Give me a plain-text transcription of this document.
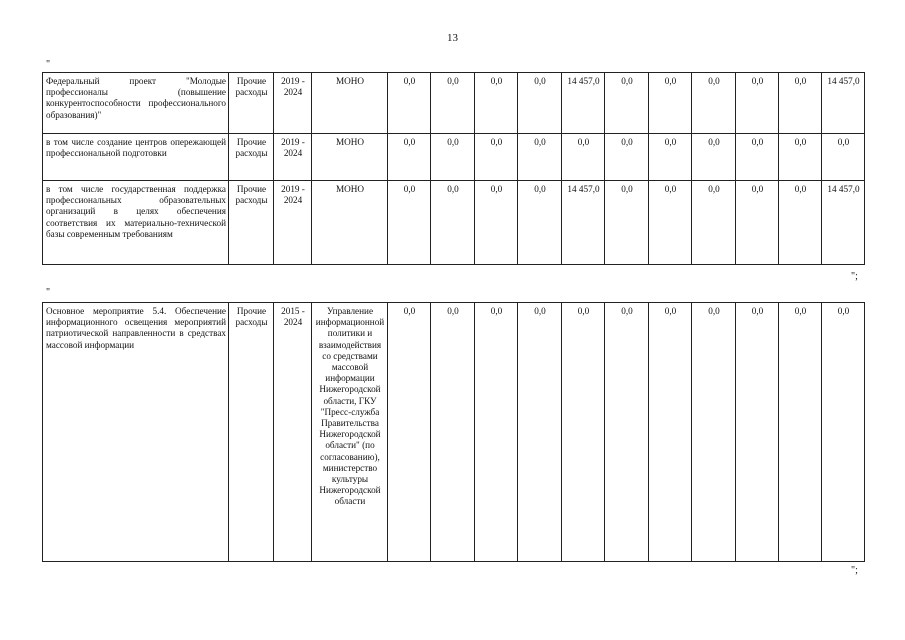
13
"
Федеральный проект "Молодые профессионалы (повышение конкурентоспособности профессионального образования)"	Прочие расходы	2019 - 2024	МОНО	0,0	0,0	0,0	0,0	14 457,0	0,0	0,0	0,0	0,0	0,0	14 457,0
в том числе создание центров опережающей профессиональной подготовки	Прочие расходы	2019 - 2024	МОНО	0,0	0,0	0,0	0,0	0,0	0,0	0,0	0,0	0,0	0,0	0,0
в том числе государственная поддержка профессиональных образовательных организаций в целях обеспечения соответствия их материально-технической базы современным требованиям	Прочие расходы	2019 - 2024	МОНО	0,0	0,0	0,0	0,0	14 457,0	0,0	0,0	0,0	0,0	0,0	14 457,0
";
"
Основное мероприятие 5.4. Обеспечение информационного освещения мероприятий патриотической направленности в средствах массовой информации	Прочие расходы	2015 - 2024	Управление информационной политики и взаимодействия со средствами массовой информации Нижегородской области, ГКУ "Пресс-служба Правительства Нижегородской области" (по согласованию), министерство культуры Нижегородской области	0,0	0,0	0,0	0,0	0,0	0,0	0,0	0,0	0,0	0,0	0,0
";
